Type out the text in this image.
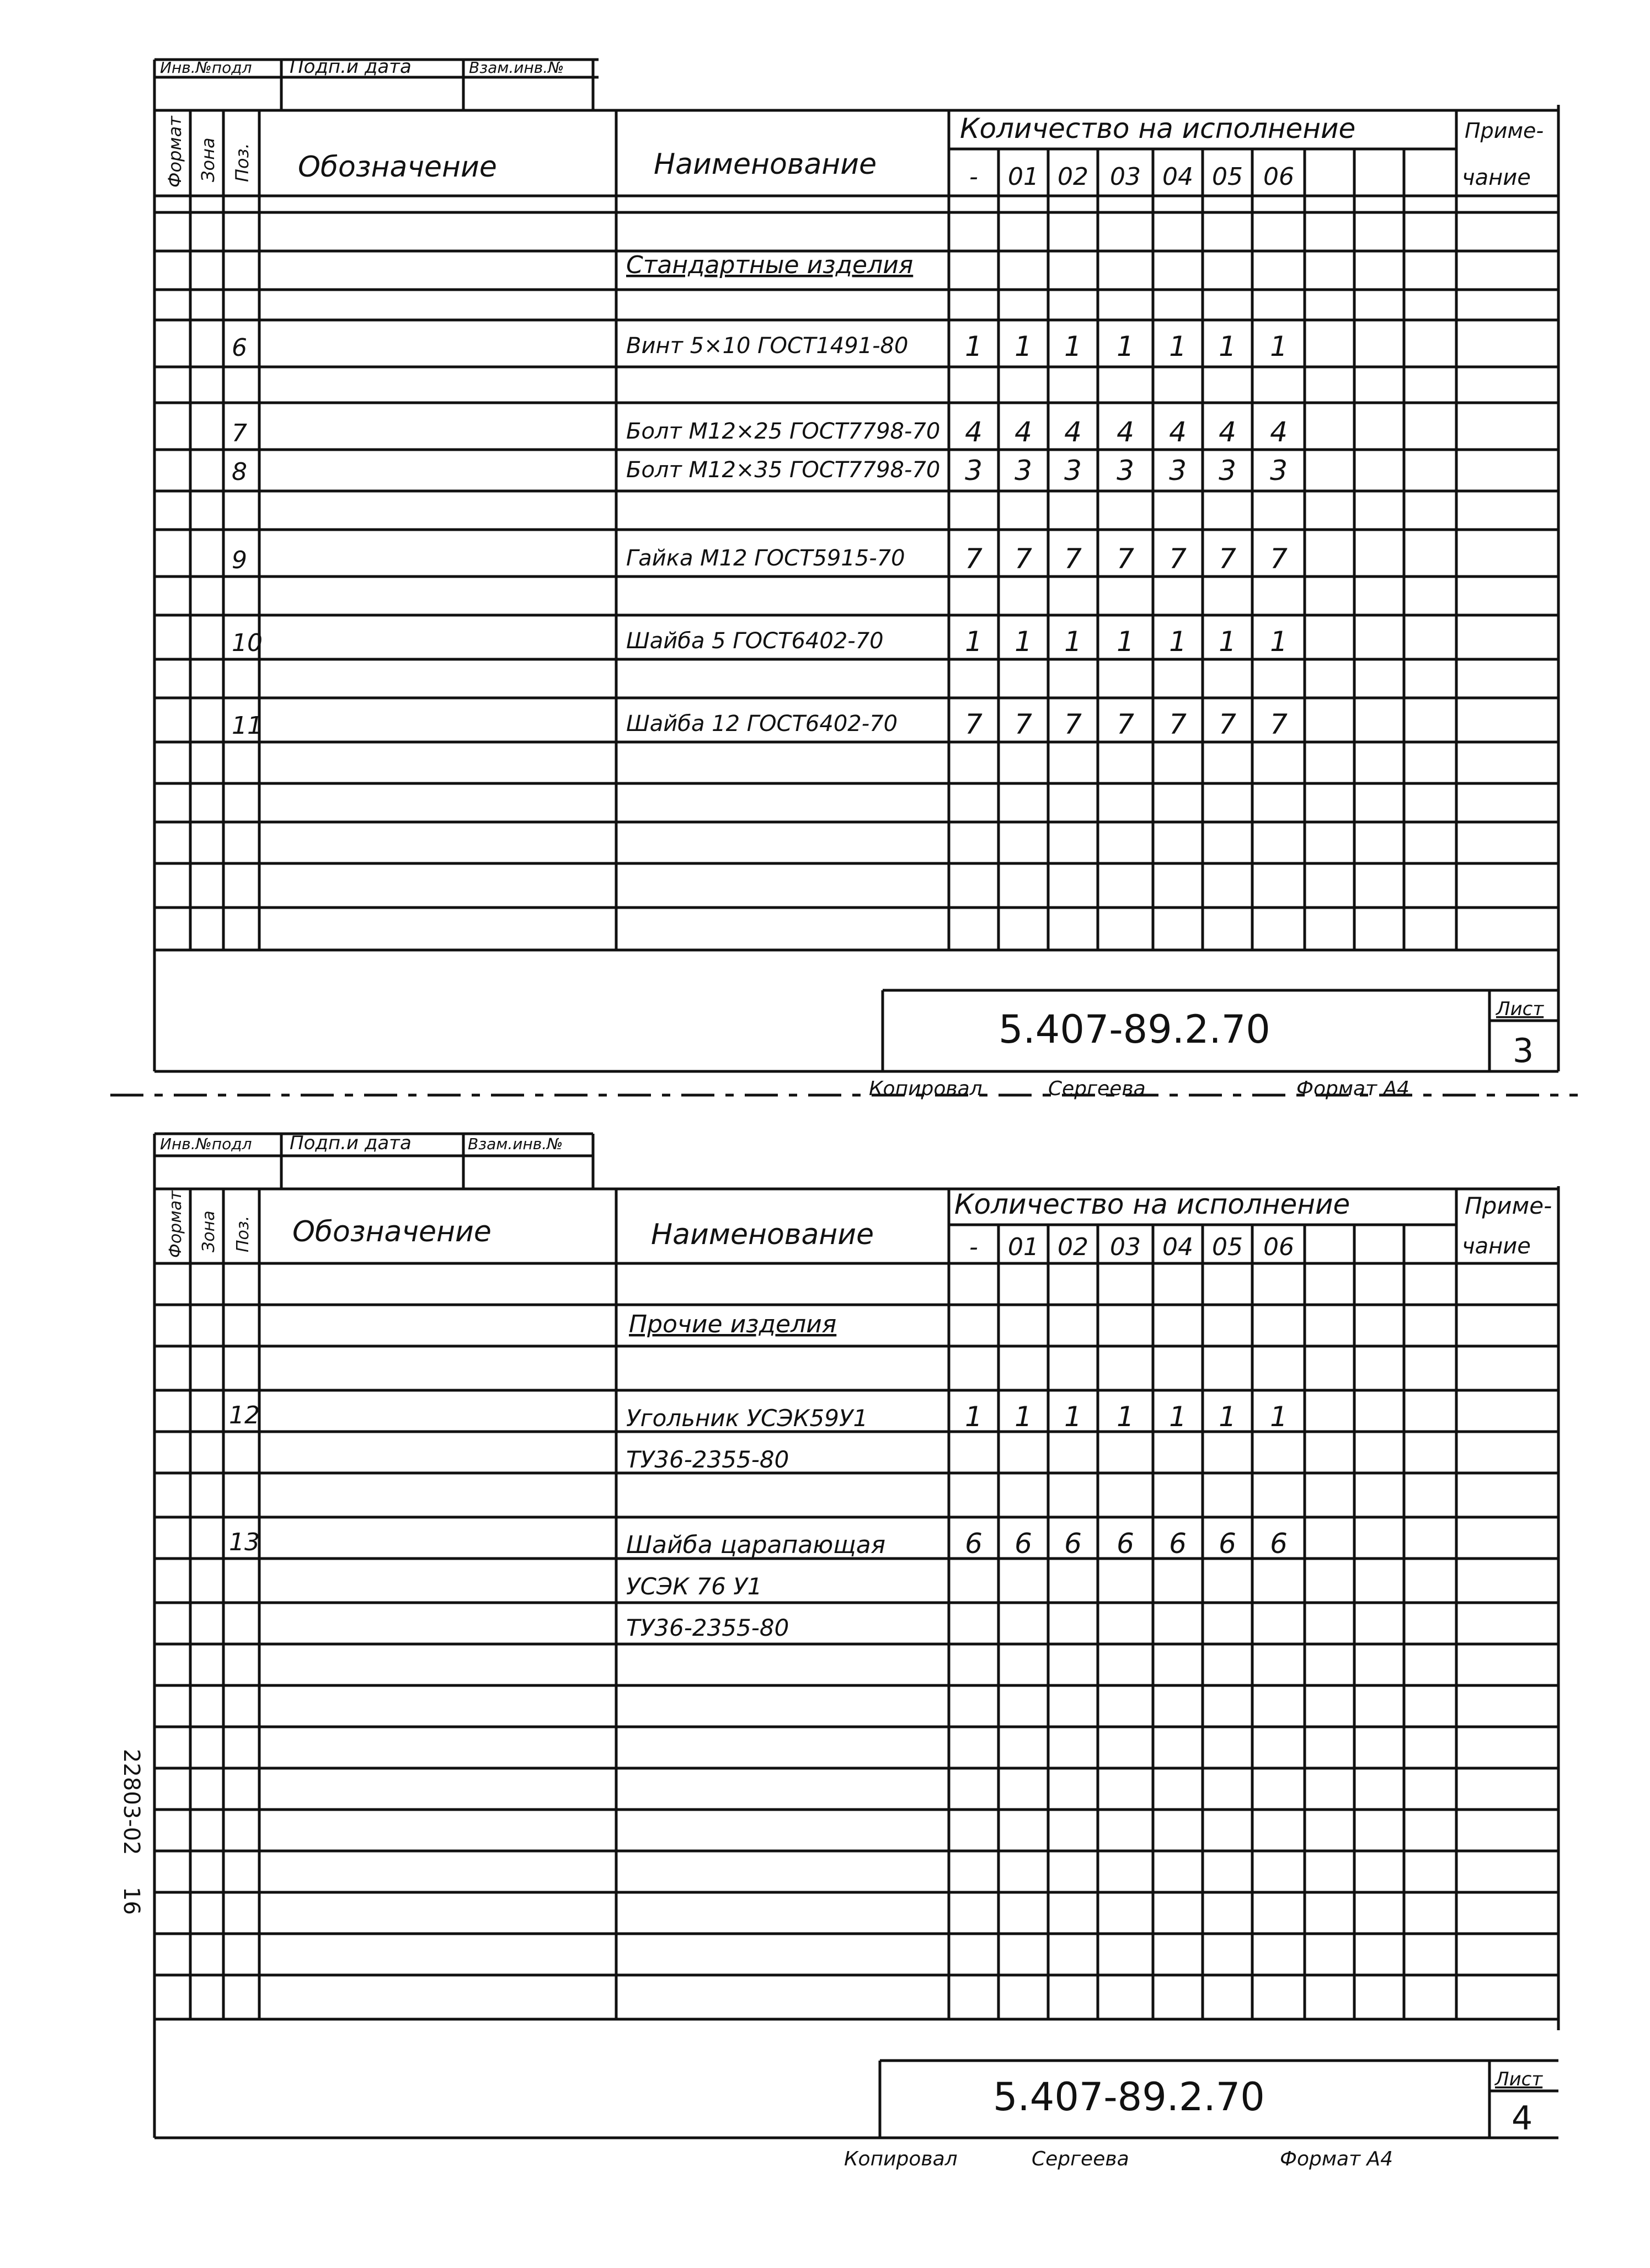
Инв.№подл Подп.и дата	Взам.инв.№
Формат Зона Поз. Обозначение	Наименование
Количество на исполнение	Приме-
чание
- 01 02 03 04 05 06
Стандартные изделия
6	Винт 5×10 ГОСТ1491-80 1 1 1 1 1 1 1
7	Болт М12×25 ГОСТ7798-70 4 4 4 4 4 4 4
8	Болт М12×35 ГОСТ7798-70 3 3 3 3 3 3 3
9	Гайка М12 ГОСТ5915-70 7 7 7 7 7 7 7
10	Шайба 5 ГОСТ6402-70	1 1 1 1 1 1 1
11	Шайба 12 ГОСТ6402-70 7 7 7 7 7 7 7
5.407-89.2.70	Лист
3
Копировал	Сергеева	Формат А4
Инв.№подл Подп.и дата	Взам.инв.№
Формат Зона Поз. Обозначение	Наименование
Количество на исполнение	Приме-
чание
- 01 02 03 04 05 06
Прочие изделия
12	Угольник УСЭК59У1
ТУ36-2355-80
1 1 1 1 1 1 1
13	Шайба царапающая
УСЭК 76 У1
ТУ36-2355-80
6 6 6 6 6 6 6
5.407-89.2.70	Лист
4
Копировал	Сергеева	Формат А4
22803-02
16
